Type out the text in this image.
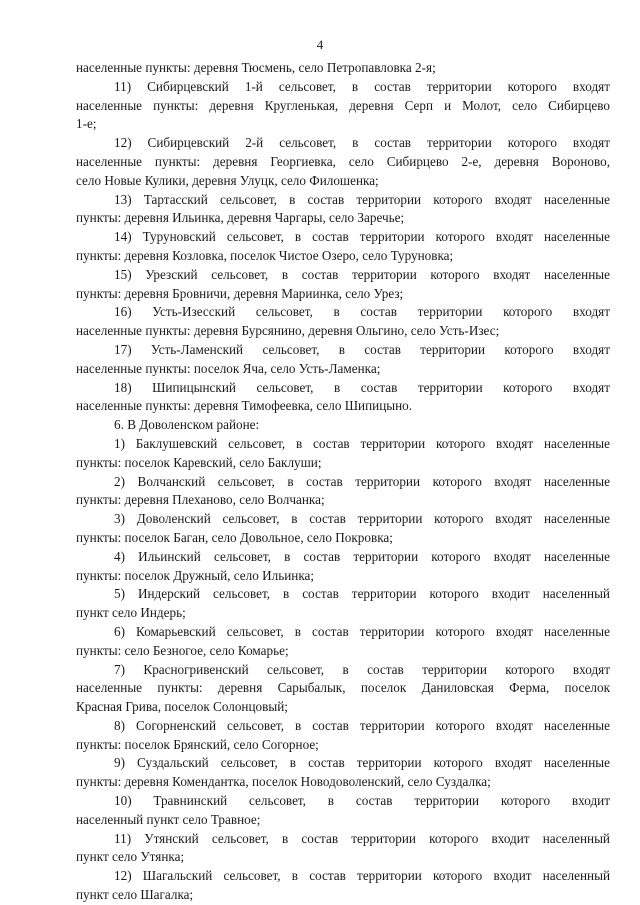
4

населенные пункты: деревня Тюсмень, село Петропавловка 2-я;

11) Сибирцевский 1-й сельсовет, в состав территории которого входят
населенные пункты: деревня Кругленькая, деревня Серп и Молот, село Сибирцево
1-е;

12) Сибирцевский 2-й сельсовет, в состав территории которого входят
населенные пункты: деревня Георгиевка, село Сибирцево 2-е, деревня Вороново,
село Новые Кулики, деревня Улуцк, село Филошенка;

13) Тартасский сельсовет, в состав территории которого входят населенные
пункты: деревня Ильинка, деревня Чаргары, село Заречье;

14) Туруновский сельсовет, в состав территории которого входят населенные
пункты: деревня Козловка, поселок Чистое Озеро, село Туруновка;

15) Урезский сельсовет, в состав территории которого входят населенные
пункты: деревня Бровничи, деревня Мариинка, село Урез;

16) Усть-Изесский сельсовет, в состав территории которого входят
населенные пункты: деревня Бурсянино, деревня Ольгино, село Усть-Изес;

17) Усть-Ламенский сельсовет, в состав территории которого входят
населенные пункты: поселок Яча, село Усть-Ламенка;

18) Шипицынский сельсовет, в состав территории которого входят
населенные пункты: деревня Тимофеевка, село Шипицыно.

6. В Доволенском районе:

1) Баклушевский сельсовет, в состав территории которого входят населенные
пункты: поселок Каревский, село Баклуши;

2) Волчанский сельсовет, в состав территории которого входят населенные
пункты: деревня Плеханово, село Волчанка;

3) Доволенский сельсовет, в состав территории которого входят населенные
пункты: поселок Баган, село Довольное, село Покровка;

4) Ильинский сельсовет, в состав территории которого входят населенные
пункты: поселок Дружный, село Ильинка;

5) Индерский сельсовет, в состав территории которого входит населенный
пункт село Индерь;

6) Комарьевский сельсовет, в состав территории которого входят населенные
пункты: село Безногое, село Комарье;

7) Красногривенский сельсовет, в состав территории которого входят
населенные пункты: деревня Сарыбалык, поселок Даниловская Ферма, поселок
Красная Грива, поселок Солонцовый;

8) Согорненский сельсовет, в состав территории которого входят населенные
пункты: поселок Брянский, село Согорное;

9) Суздальский сельсовет, в состав территории которого входят населенные
пункты: деревня Комендантка, поселок Новодоволенский, село Суздалка;

10) Травнинский сельсовет, в состав территории которого входит
населенный пункт село Травное;

11) Утянский сельсовет, в состав территории которого входит населенный
пункт село Утянка;

12) Шагальский сельсовет, в состав территории которого входит населенный
пункт село Шагалка;
